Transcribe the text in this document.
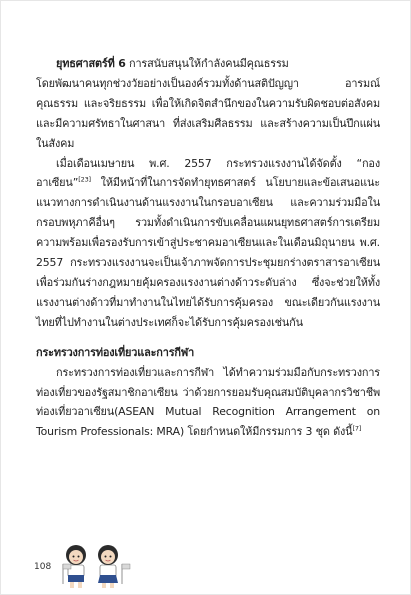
ยุทธศาสตร์ที่ 6 การสนับสนุนให้กำลังคนมีคุณธรรม
โดยพัฒนาคนทุกช่วงวัยอย่างเป็นองค์รวมทั้งด้านสติปัญญา อารมณ์ คุณธรรม และจริยธรรม เพื่อให้เกิดจิตสำนึกของในความรับผิดชอบต่อสังคมและมีความศรัทธาในศาสนา ที่ส่งเสริมศีลธรรม และสร้างความเป็นปึกแผ่นในสังคม

เมื่อเดือนเมษายน พ.ศ. 2557 กระทรวงแรงงานได้จัดตั้ง “กองอาเซียน”[23] ให้มีหน้าที่ในการจัดทำยุทธศาสตร์ นโยบายและข้อเสนอแนะ แนวทางการดำเนินงานด้านแรงงานในกรอบอาเซียน และความร่วมมือในกรอบพหุภาคีอื่นๆ รวมทั้งดำเนินการขับเคลื่อนแผนยุทธศาสตร์การเตรียมความพร้อมเพื่อรองรับการเข้าสู่ประชาคมอาเซียนและในเดือนมิถุนายน พ.ศ. 2557 กระทรวงแรงงานจะเป็นเจ้าภาพจัดการประชุมยกร่างตราสารอาเซียน เพื่อร่วมกันร่างกฎหมายคุ้มครองแรงงานต่างด้าวระดับล่าง ซึ่งจะช่วยให้ทั้งแรงงานต่างด้าวที่มาทำงานในไทยได้รับการคุ้มครอง ขณะเดียวกันแรงงานไทยที่ไปทำงานในต่างประเทศก็จะได้รับการคุ้มครองเช่นกัน

กระทรวงการท่องเที่ยวและการกีฬา

กระทรวงการท่องเที่ยวและการกีฬา ได้ทำความร่วมมือกับกระทรวงการท่องเที่ยวของรัฐสมาชิกอาเซียน ว่าด้วยการยอมรับคุณสมบัติบุคลากรวิชาชีพท่องเที่ยวอาเซียน(ASEAN Mutual Recognition Arrangement on Tourism Professionals: MRA) โดยกำหนดให้มีกรรมการ 3 ชุด ดังนี้[7]

108
